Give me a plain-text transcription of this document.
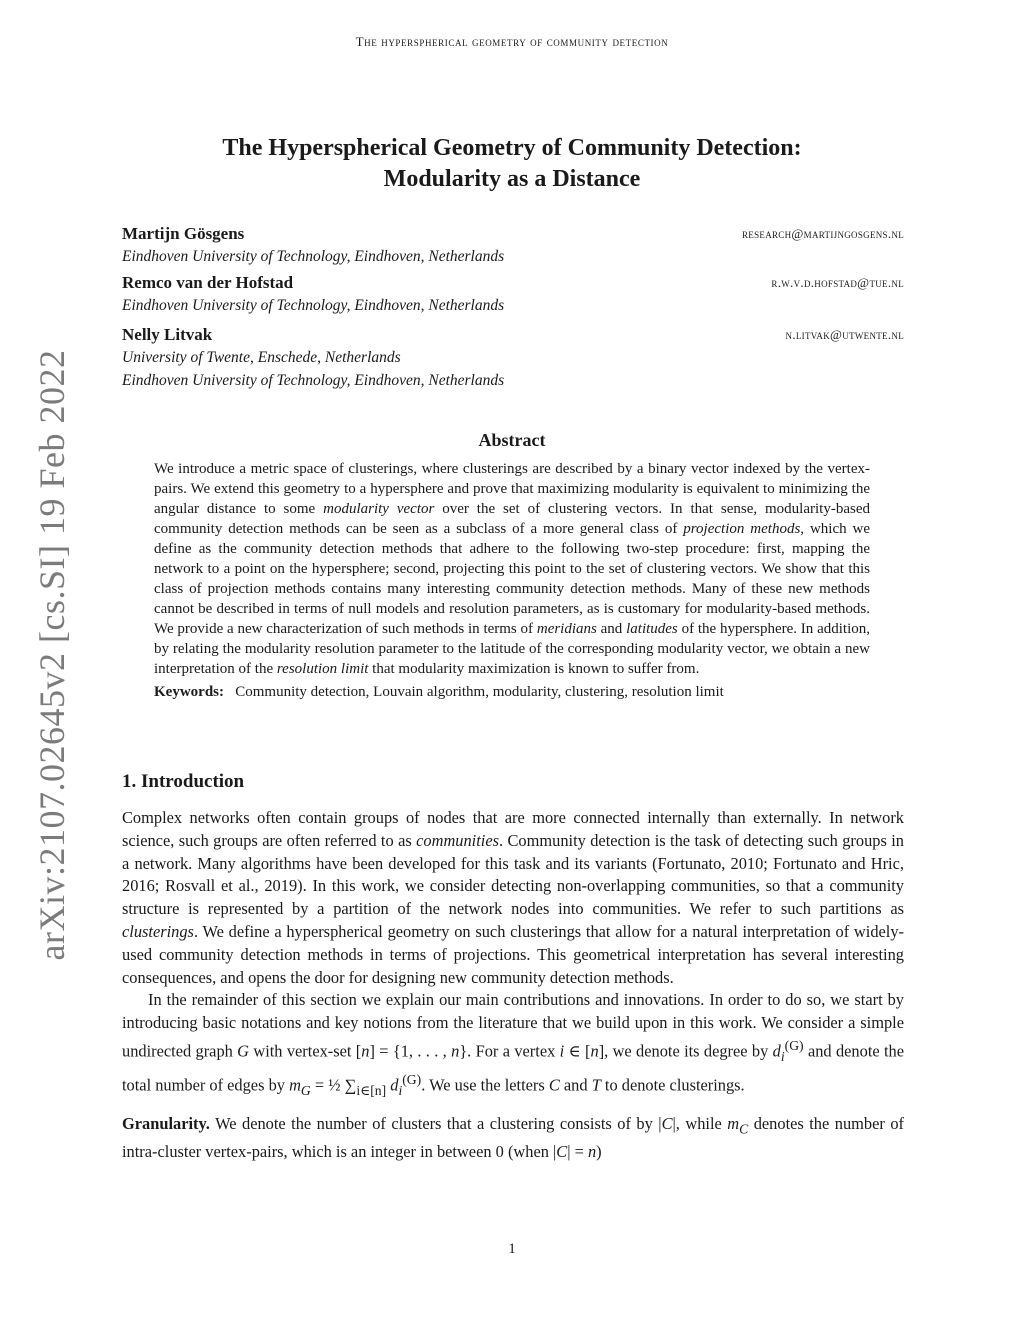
The hyperspherical geometry of community detection
arXiv:2107.02645v2 [cs.SI] 19 Feb 2022
The Hyperspherical Geometry of Community Detection:
Modularity as a Distance
Martijn Gösgens	research@martijngosgens.nl
Eindhoven University of Technology, Eindhoven, Netherlands
Remco van der Hofstad	r.w.v.d.hofstad@tue.nl
Eindhoven University of Technology, Eindhoven, Netherlands
Nelly Litvak	n.litvak@utwente.nl
University of Twente, Enschede, Netherlands
Eindhoven University of Technology, Eindhoven, Netherlands
Abstract

We introduce a metric space of clusterings, where clusterings are described by a binary vector indexed by the vertex-pairs. We extend this geometry to a hypersphere and prove that maximizing modularity is equivalent to minimizing the angular distance to some modularity vector over the set of clustering vectors. In that sense, modularity-based community detection methods can be seen as a subclass of a more general class of projection methods, which we define as the community detection methods that adhere to the following two-step procedure: first, mapping the network to a point on the hypersphere; second, projecting this point to the set of clustering vectors. We show that this class of projection methods contains many interesting community detection methods. Many of these new methods cannot be described in terms of null models and resolution parameters, as is customary for modularity-based methods. We provide a new characterization of such methods in terms of meridians and latitudes of the hypersphere. In addition, by relating the modularity resolution parameter to the latitude of the corresponding modularity vector, we obtain a new interpretation of the resolution limit that modularity maximization is known to suffer from.

Keywords: Community detection, Louvain algorithm, modularity, clustering, resolution limit

1. Introduction

Complex networks often contain groups of nodes that are more connected internally than externally. In network science, such groups are often referred to as communities. Community detection is the task of detecting such groups in a network. Many algorithms have been developed for this task and its variants (Fortunato, 2010; Fortunato and Hric, 2016; Rosvall et al., 2019). In this work, we consider detecting non-overlapping communities, so that a community structure is represented by a partition of the network nodes into communities. We refer to such partitions as clusterings. We define a hyperspherical geometry on such clusterings that allow for a natural interpretation of widely-used community detection methods in terms of projections. This geometrical interpretation has several interesting consequences, and opens the door for designing new community detection methods.

In the remainder of this section we explain our main contributions and innovations. In order to do so, we start by introducing basic notations and key notions from the literature that we build upon in this work. We consider a simple undirected graph G with vertex-set [n] = {1, . . . , n}. For a vertex i ∈ [n], we denote its degree by $d_i^{(G)}$ and denote the total number of edges by $m_G$ = ½ $\sum_{i\in[n]}$ $d_i^{(G)}$. We use the letters C and T to denote clusterings.

Granularity. We denote the number of clusters that a clustering consists of by |C|, while $m_C$ denotes the number of intra-cluster vertex-pairs, which is an integer in between 0 (when |C| = n)

1
